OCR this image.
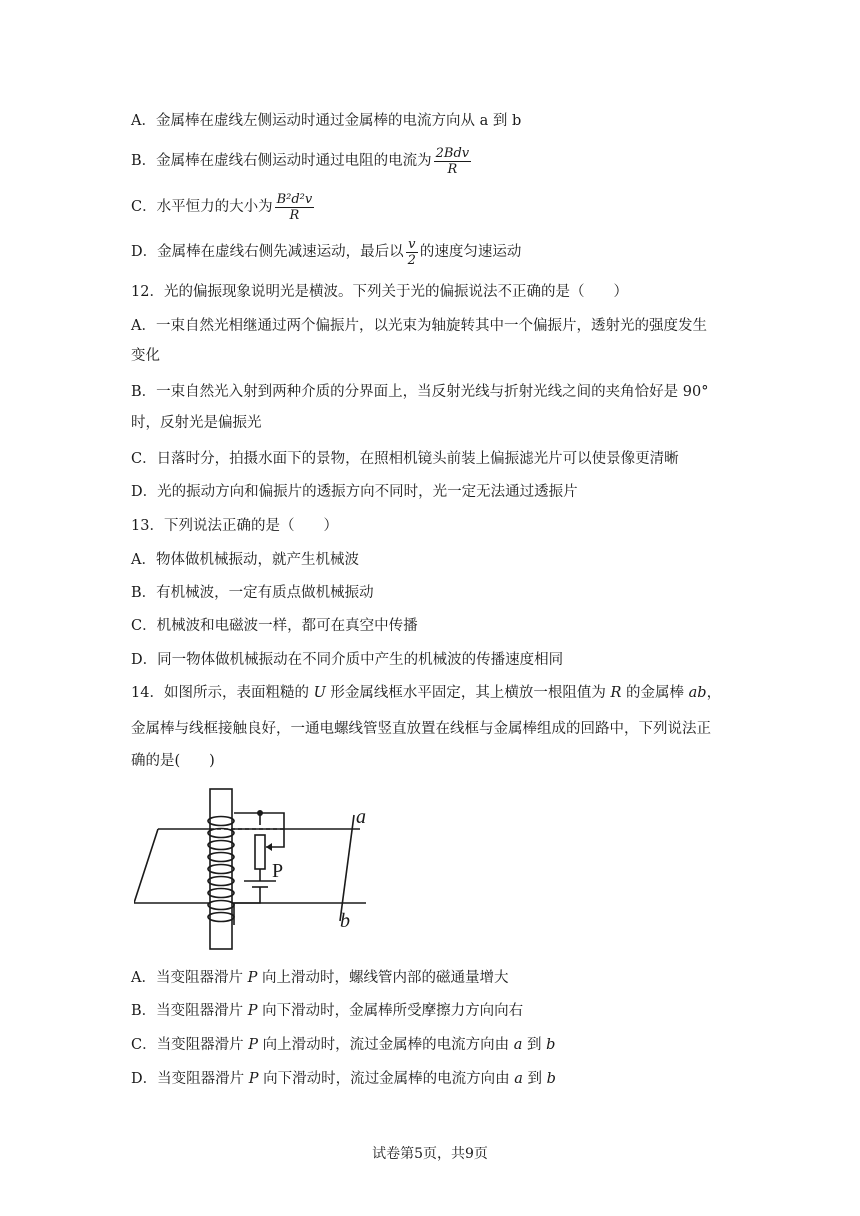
A．金属棒在虚线左侧运动时通过金属棒的电流方向从 a 到 b
B．金属棒在虚线右侧运动时通过电阻的电流为 $\frac{\text{2Bdv}}{R}$
C．水平恒力的大小为 $\frac{\text{B²d²v}}{R}$
D．金属棒在虚线右侧先减速运动，最后以 $\frac{v}{2}$ 的速度匀速运动
12．光的偏振现象说明光是横波。下列关于光的偏振说法不正确的是（　　）
A．一束自然光相继通过两个偏振片，以光束为轴旋转其中一个偏振片，透射光的强度发生
变化
B．一束自然光入射到两种介质的分界面上，当反射光线与折射光线之间的夹角恰好是 90°
时，反射光是偏振光
C．日落时分，拍摄水面下的景物，在照相机镜头前装上偏振滤光片可以使景像更清晰
D．光的振动方向和偏振片的透振方向不同时，光一定无法通过透振片
13．下列说法正确的是（　　）
A．物体做机械振动，就产生机械波
B．有机械波，一定有质点做机械振动
C．机械波和电磁波一样，都可在真空中传播
D．同一物体做机械振动在不同介质中产生的机械波的传播速度相同
14．如图所示，表面粗糙的 U 形金属线框水平固定，其上横放一根阻值为 R 的金属棒 ab，
金属棒与线框接触良好，一通电螺线管竖直放置在线框与金属棒组成的回路中，下列说法正
确的是(　　)
P
a
b
A．当变阻器滑片 P 向上滑动时，螺线管内部的磁通量增大
B．当变阻器滑片 P 向下滑动时，金属棒所受摩擦力方向向右
C．当变阻器滑片 P 向上滑动时，流过金属棒的电流方向由 a 到 b
D．当变阻器滑片 P 向下滑动时，流过金属棒的电流方向由 a 到 b
试卷第5页，共9页
